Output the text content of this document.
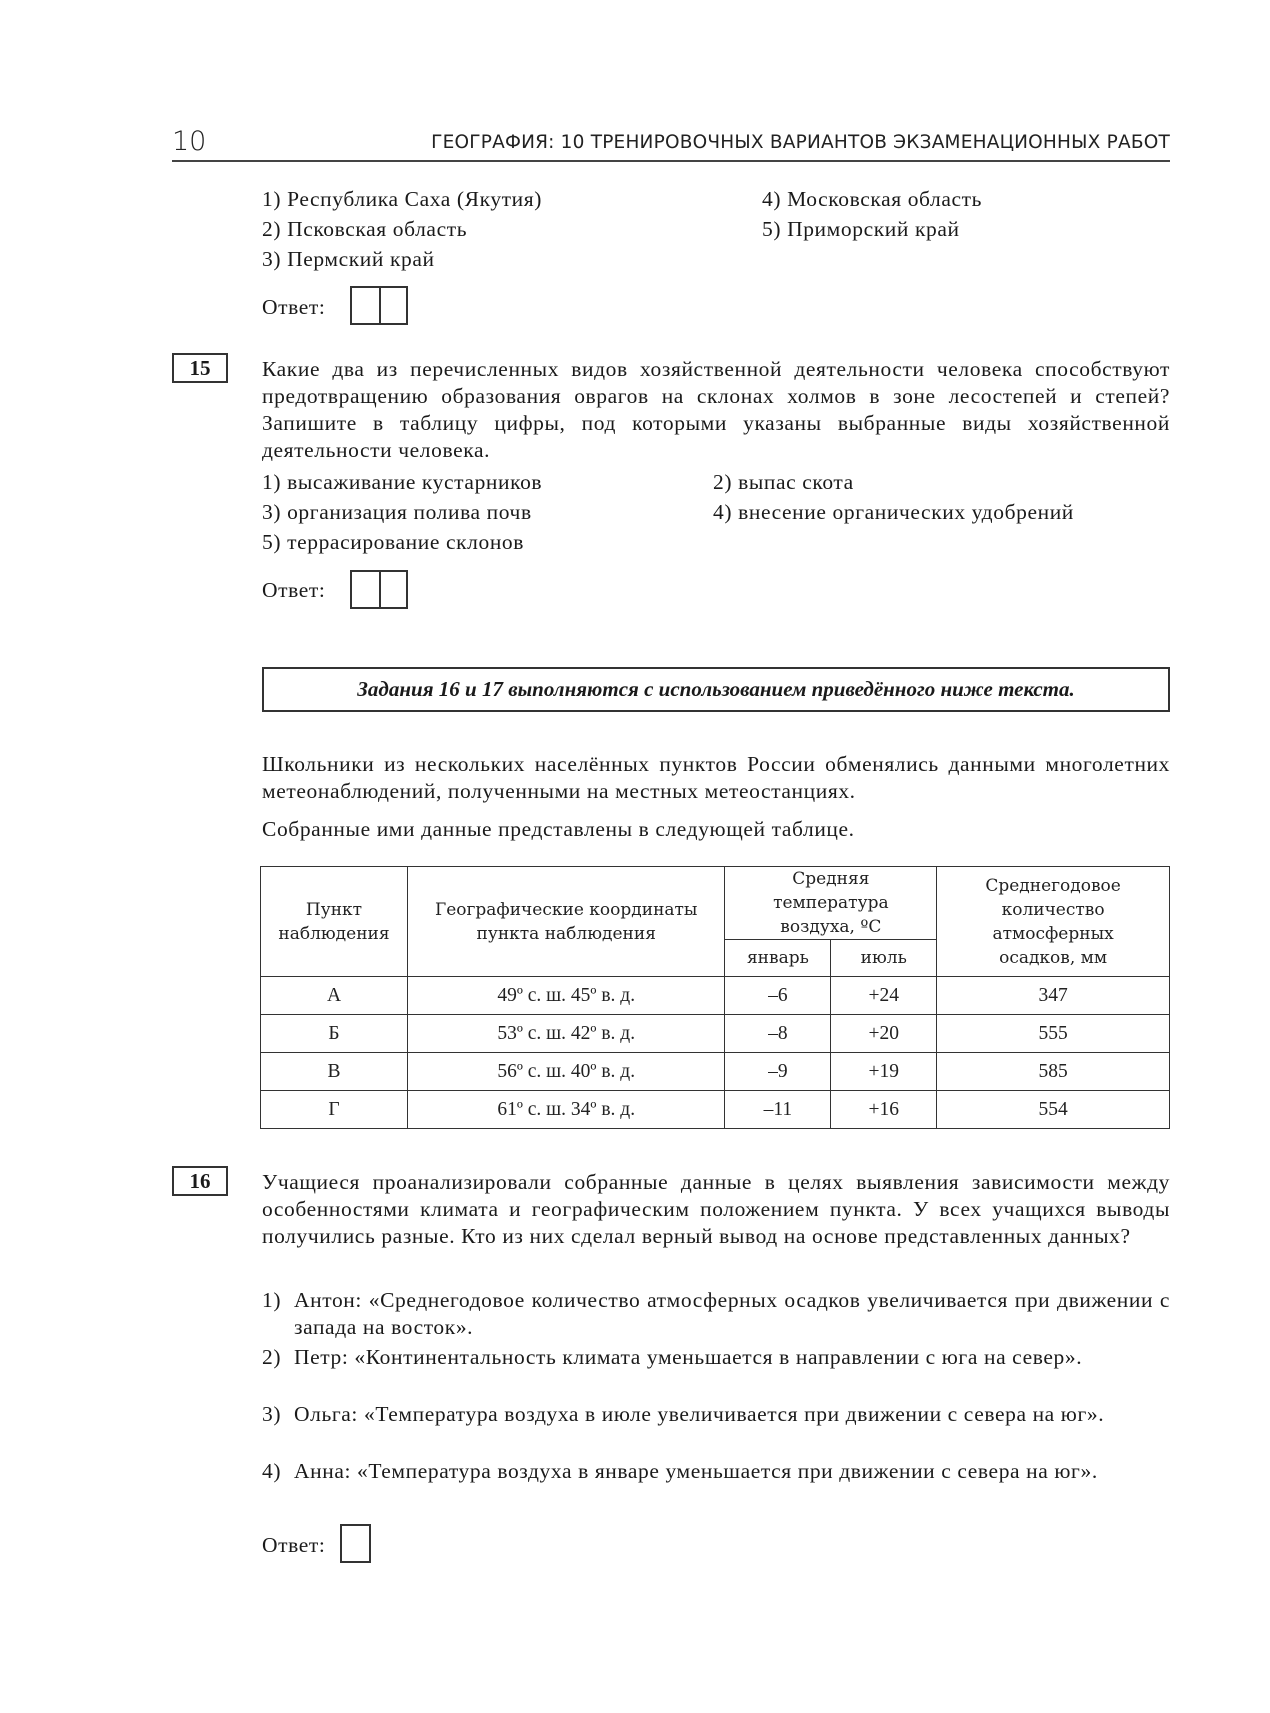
10	ГЕОГРАФИЯ: 10 ТРЕНИРОВОЧНЫХ ВАРИАНТОВ ЭКЗАМЕНАЦИОННЫХ РАБОТ
1) Республика Саха (Якутия)
2) Псковская область
3) Пермский край
4) Московская область
5) Приморский край
Ответ:
15	Какие два из перечисленных видов хозяйственной деятельности человека способствуют предотвращению образования оврагов на склонах холмов в зоне лесостепей и степей? Запишите в таблицу цифры, под которыми указаны выбранные виды хозяйственной деятельности человека.
1) высаживание кустарников	2) выпас скота
3) организация полива почв	4) внесение органических удобрений
5) террасирование склонов
Ответ:
Задания 16 и 17 выполняются с использованием приведённого ниже текста.
Школьники из нескольких населённых пунктов России обменялись данными многолетних метеонаблюдений, полученными на местных метеостанциях.
Собранные ими данные представлены в следующей таблице.
Пункт наблюдения	Географические координаты пункта наблюдения	Средняя температура воздуха, ºС		Среднегодовое количество атмосферных осадков, мм
		январь	июль	
А	49º с. ш. 45º в. д.	–6	+24	347
Б	53º с. ш. 42º в. д.	–8	+20	555
В	56º с. ш. 40º в. д.	–9	+19	585
Г	61º с. ш. 34º в. д.	–11	+16	554
16	Учащиеся проанализировали собранные данные в целях выявления зависимости между особенностями климата и географическим положением пункта. У всех учащихся выводы получились разные. Кто из них сделал верный вывод на основе представленных данных?
1) Антон: «Среднегодовое количество атмосферных осадков увеличивается при движении с запада на восток».
2) Петр: «Континентальность климата уменьшается в направлении с юга на север».
3) Ольга: «Температура воздуха в июле увеличивается при движении с севера на юг».
4) Анна: «Температура воздуха в январе уменьшается при движении с севера на юг».
Ответ:
